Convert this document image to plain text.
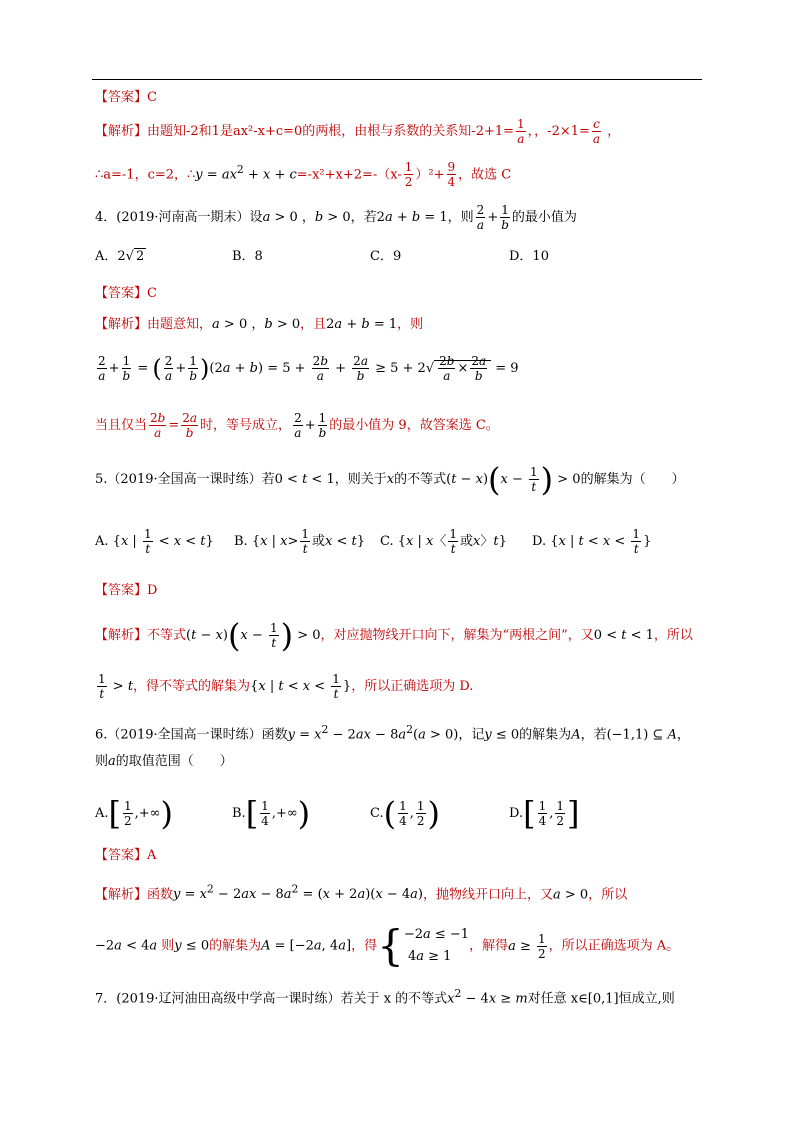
【答案】C
【解析】由题知-2和1是ax²-x+c=0的两根，由根与系数的关系知$-2+1= \frac{1}{a}$ ，，$-2\times 1= \frac{c}{a}$ ，
∴a=-1，c=2，∴y = $ax^2 + x + c=-x^2+x+2=-(x- \frac{1}{2} )^2+ \frac{9}{4}$ ，故选 C
4．(2019·河南高一期末）设a > 0 ，b > 0，若2a + b = 1，则 $\frac{2}{a} + \frac{1}{b}$ 的最小值为
A．2√ 2	B．8	C．9	D．10
【答案】C
【解析】由题意知，a > 0 ，b > 0，且2a + b = 1，则
$\frac{2}{a} + \frac{1}{b}$ = ( $\frac{2}{a} + \frac{1}{b} )(2a + b) = 5 + \frac{2b}{a} + \frac{2a}{b} \ge 5 + 2√ \frac{2b}{a} \times \frac{2a}{b} = 9$
当且仅当 $\frac{2b}{a} = \frac{2a}{b}$ 时，等号成立， $\frac{2}{a} + \frac{1}{b}$ 的最小值为 9，故答案选 C。
5.（2019·全国高一课时练）若0 < t < 1，则关于x的不等式$(t - x)(x - \frac{1}{t}$ ) > 0的解集为（　　）
A. {x | $\frac{1}{t} < x < t$} B. {x | $x> \frac{1}{t}$ 或x < t} C. {x | x〈 $\frac{1}{t}$ 或x〉t} D. {x | $t < x < \frac{1}{t}$ }
【答案】D
【解析】不等式$(t - x)(x - \frac{1}{t}$ ) > 0，对应抛物线开口向下，解集为“两根之间”，又0 < t < 1，所以
$\frac{1}{t} > t$，得不等式的解集为{x | $t < x < \frac{1}{t}$ }，所以正确选项为 D.
6.（2019·全国高一课时练）函数$y = x^2 - 2ax - 8a^2(a > 0)$，记y ≤ 0的解集为A，若(−1,1) ⊆ A，
则a的取值范围（　　）
$A.[ \frac{1}{2}$ ,+∞)	$B.[ \frac{1}{4}$ ,+∞)	$C.( \frac{1}{4}$ , $\frac{1}{2}$ )	$D.[ \frac{1}{4}$ , $\frac{1}{2}$ ]
【答案】A
【解析】函数$y = x^2 - 2ax - 8a^2 = (x + 2a)(x - 4a)$，抛物线开口向上，又a > 0，所以
−2a < 4a 则y ≤ 0的解集为A = [−2a, 4a]，得 { −2a ≤ −1
4a ≥ 1
，解得$a \ge \frac{1}{2}$ ，所以正确选项为 A。
7．(2019·辽河油田高级中学高一课时练）若关于 x 的不等式$x^2 - 4x \ge m$对任意 x∈[0,1]恒成立,则
